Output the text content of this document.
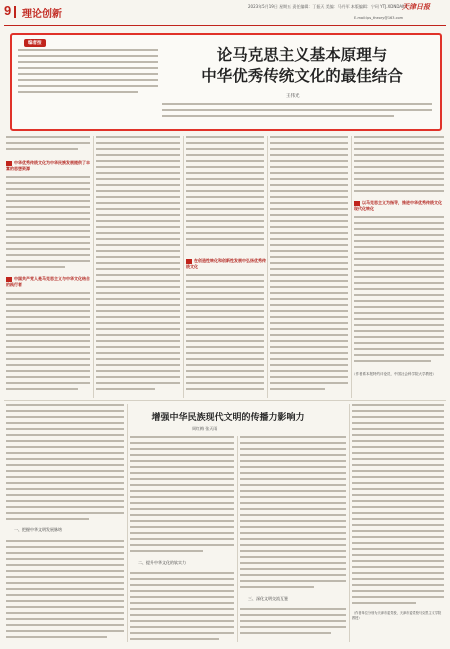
9 理论创新
2023年5月19日 星期五 责任编辑：丁振天 美编：马丹军 本版编辑：宁珂 YTJ.XDNDAILY
天津日报
E-mail:lps_theory@163.com
编者按
论马克思主义基本原理与
中华优秀传统文化的最佳结合
王伟光
中华优秀传统文化为中华民族发展提供了丰富的思想资源
中国共产党人是马克思主义与中华文化结合的践行者
在创造性转化和创新性发展中弘扬优秀传统文化
以马克思主义为指导，推进中华优秀传统文化现代化转化
（作者系本报特约评论员，中国社会科学院大学教授）
增强中华民族现代文明的传播力影响力
周红梅 张天雨
一、把握中华文明发展脉络
二、提升中华文化的软实力
三、深化文明交流互鉴
（作者单位分别为天津市委党校，天津市委党校马克思主义学院教授）
